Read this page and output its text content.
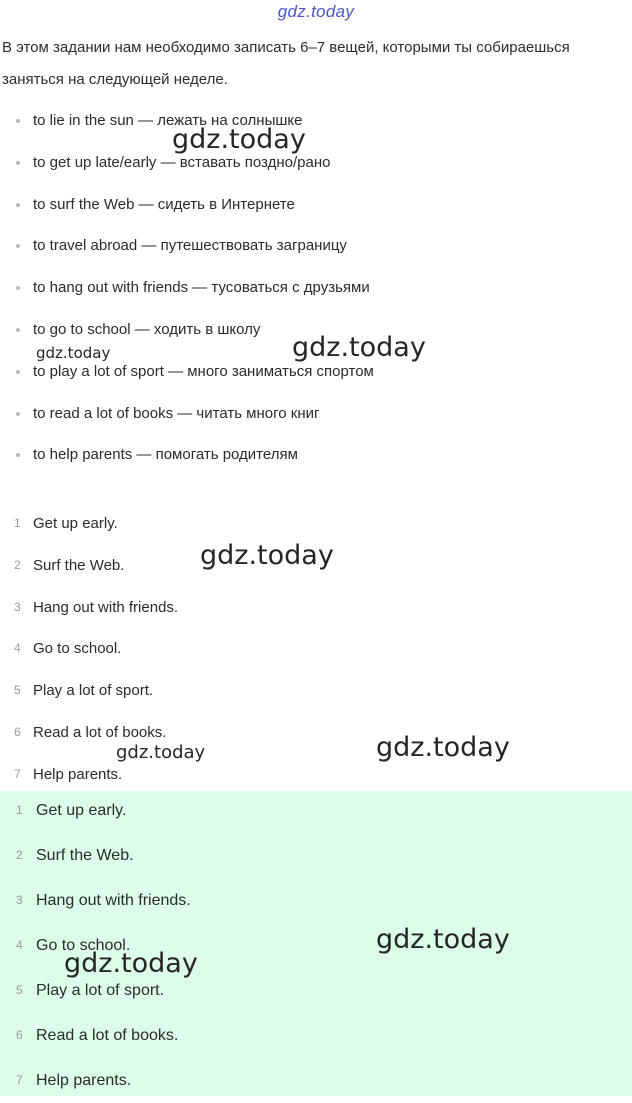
gdz.today
В этом задании нам необходимо записать 6–7 вещей, которыми ты собираешься заняться на следующей неделе.
to lie in the sun — лежать на солнышке
to get up late/early — вставать поздно/рано
to surf the Web — сидеть в Интернете
to travel abroad — путешествовать заграницу
to hang out with friends — тусоваться с друзьями
to go to school — ходить в школу
to play a lot of sport — много заниматься спортом
to read a lot of books — читать много книг
to help parents — помогать родителям
1 Get up early.
2 Surf the Web.
3 Hang out with friends.
4 Go to school.
5 Play a lot of sport.
6 Read a lot of books.
7 Help parents.
1 Get up early.
2 Surf the Web.
3 Hang out with friends.
4 Go to school.
5 Play a lot of sport.
6 Read a lot of books.
7 Help parents.
gdz.today
gdz.today	gdz.today
gdz.today
gdz.today	gdz.today
gdz.today
gdz.today
